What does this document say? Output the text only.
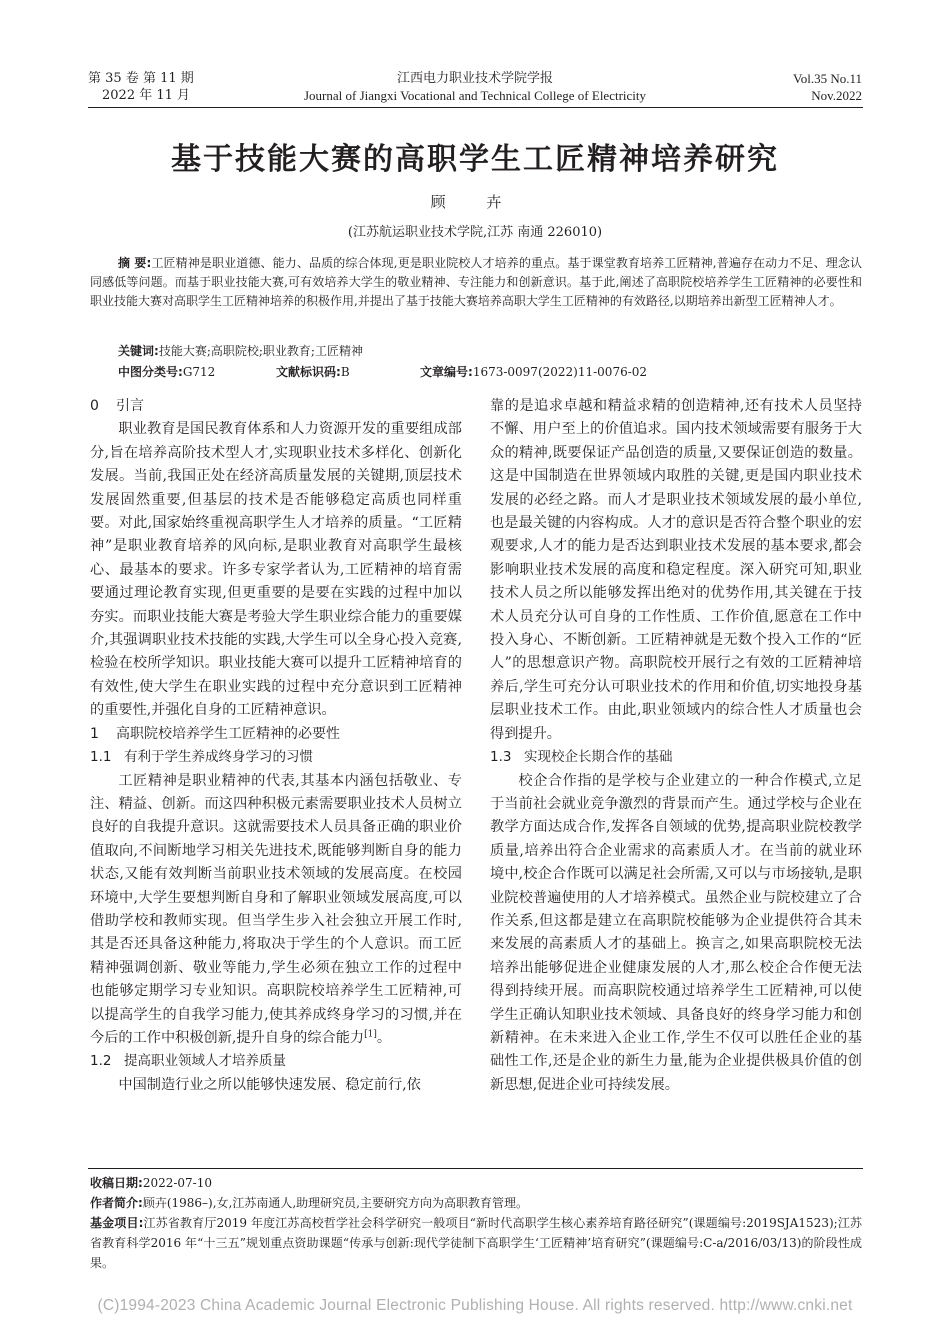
第 35 卷 第 11 期
2022 年 11 月
江西电力职业技术学院学报
Journal of Jiangxi Vocational and Technical College of Electricity
Vol.35 No.11
Nov.2022
基于技能大赛的高职学生工匠精神培养研究
顾 卉
(江苏航运职业技术学院,江苏 南通 226010)
摘 要:工匠精神是职业道德、能力、品质的综合体现,更是职业院校人才培养的重点。基于课堂教育培养工匠精神,普遍存在动力不足、理念认同感低等问题。而基于职业技能大赛,可有效培养大学生的敬业精神、专注能力和创新意识。基于此,阐述了高职院校培养学生工匠精神的必要性和职业技能大赛对高职学生工匠精神培养的积极作用,并提出了基于技能大赛培养高职大学生工匠精神的有效路径,以期培养出新型工匠精神人才。
关键词:技能大赛;高职院校;职业教育;工匠精神
中图分类号:G712	文献标识码:B	文章编号:1673-0097(2022)11-0076-02
0 引言

职业教育是国民教育体系和人力资源开发的重要组成部分,旨在培养高阶技术型人才,实现职业技术多样化、创新化发展。当前,我国正处在经济高质量发展的关键期,顶层技术发展固然重要,但基层的技术是否能够稳定高质也同样重要。对此,国家始终重视高职学生人才培养的质量。“工匠精神”是职业教育培养的风向标,是职业教育对高职学生最核心、最基本的要求。许多专家学者认为,工匠精神的培育需要通过理论教育实现,但更重要的是要在实践的过程中加以夯实。而职业技能大赛是考验大学生职业综合能力的重要媒介,其强调职业技术技能的实践,大学生可以全身心投入竞赛,检验在校所学知识。职业技能大赛可以提升工匠精神培育的有效性,使大学生在职业实践的过程中充分意识到工匠精神的重要性,并强化自身的工匠精神意识。

1 高职院校培养学生工匠精神的必要性
1.1 有利于学生养成终身学习的习惯

工匠精神是职业精神的代表,其基本内涵包括敬业、专注、精益、创新。而这四种积极元素需要职业技术人员树立良好的自我提升意识。这就需要技术人员具备正确的职业价值取向,不间断地学习相关先进技术,既能够判断自身的能力状态,又能有效判断当前职业技术领域的发展高度。在校园环境中,大学生要想判断自身和了解职业领域发展高度,可以借助学校和教师实现。但当学生步入社会独立开展工作时,其是否还具备这种能力,将取决于学生的个人意识。而工匠精神强调创新、敬业等能力,学生必须在独立工作的过程中也能够定期学习专业知识。高职院校培养学生工匠精神,可以提高学生的自我学习能力,使其养成终身学习的习惯,并在今后的工作中积极创新,提升自身的综合能力[1]。

1.2 提高职业领域人才培养质量

中国制造行业之所以能够快速发展、稳定前行,依

靠的是追求卓越和精益求精的创造精神,还有技术人员坚持不懈、用户至上的价值追求。国内技术领域需要有服务于大众的精神,既要保证产品创造的质量,又要保证创造的数量。这是中国制造在世界领域内取胜的关键,更是国内职业技术发展的必经之路。而人才是职业技术领域发展的最小单位,也是最关键的内容构成。人才的意识是否符合整个职业的宏观要求,人才的能力是否达到职业技术发展的基本要求,都会影响职业技术发展的高度和稳定程度。深入研究可知,职业技术人员之所以能够发挥出绝对的优势作用,其关键在于技术人员充分认可自身的工作性质、工作价值,愿意在工作中投入身心、不断创新。工匠精神就是无数个投入工作的“匠人”的思想意识产物。高职院校开展行之有效的工匠精神培养后,学生可充分认可职业技术的作用和价值,切实地投身基层职业技术工作。由此,职业领域内的综合性人才质量也会得到提升。

1.3 实现校企长期合作的基础

校企合作指的是学校与企业建立的一种合作模式,立足于当前社会就业竞争激烈的背景而产生。通过学校与企业在教学方面达成合作,发挥各自领域的优势,提高职业院校教学质量,培养出符合企业需求的高素质人才。在当前的就业环境中,校企合作既可以满足社会所需,又可以与市场接轨,是职业院校普遍使用的人才培养模式。虽然企业与院校建立了合作关系,但这都是建立在高职院校能够为企业提供符合其未来发展的高素质人才的基础上。换言之,如果高职院校无法培养出能够促进企业健康发展的人才,那么校企合作便无法得到持续开展。而高职院校通过培养学生工匠精神,可以使学生正确认知职业技术领域、具备良好的终身学习能力和创新精神。在未来进入企业工作,学生不仅可以胜任企业的基础性工作,还是企业的新生力量,能为企业提供极具价值的创新思想,促进企业可持续发展。

收稿日期:2022-07-10
作者简介:顾卉(1986–),女,江苏南通人,助理研究员,主要研究方向为高职教育管理。
基金项目:江苏省教育厅2019 年度江苏高校哲学社会科学研究一般项目“新时代高职学生核心素养培育路径研究”(课题编号:2019SJA1523);江苏省教育科学2016 年“十三五”规划重点资助课题“传承与创新:现代学徒制下高职学生‘工匠精神’培育研究”(课题编号:C-a/2016/03/13)的阶段性成果。
(C)1994-2023 China Academic Journal Electronic Publishing House. All rights reserved. http://www.cnki.net
